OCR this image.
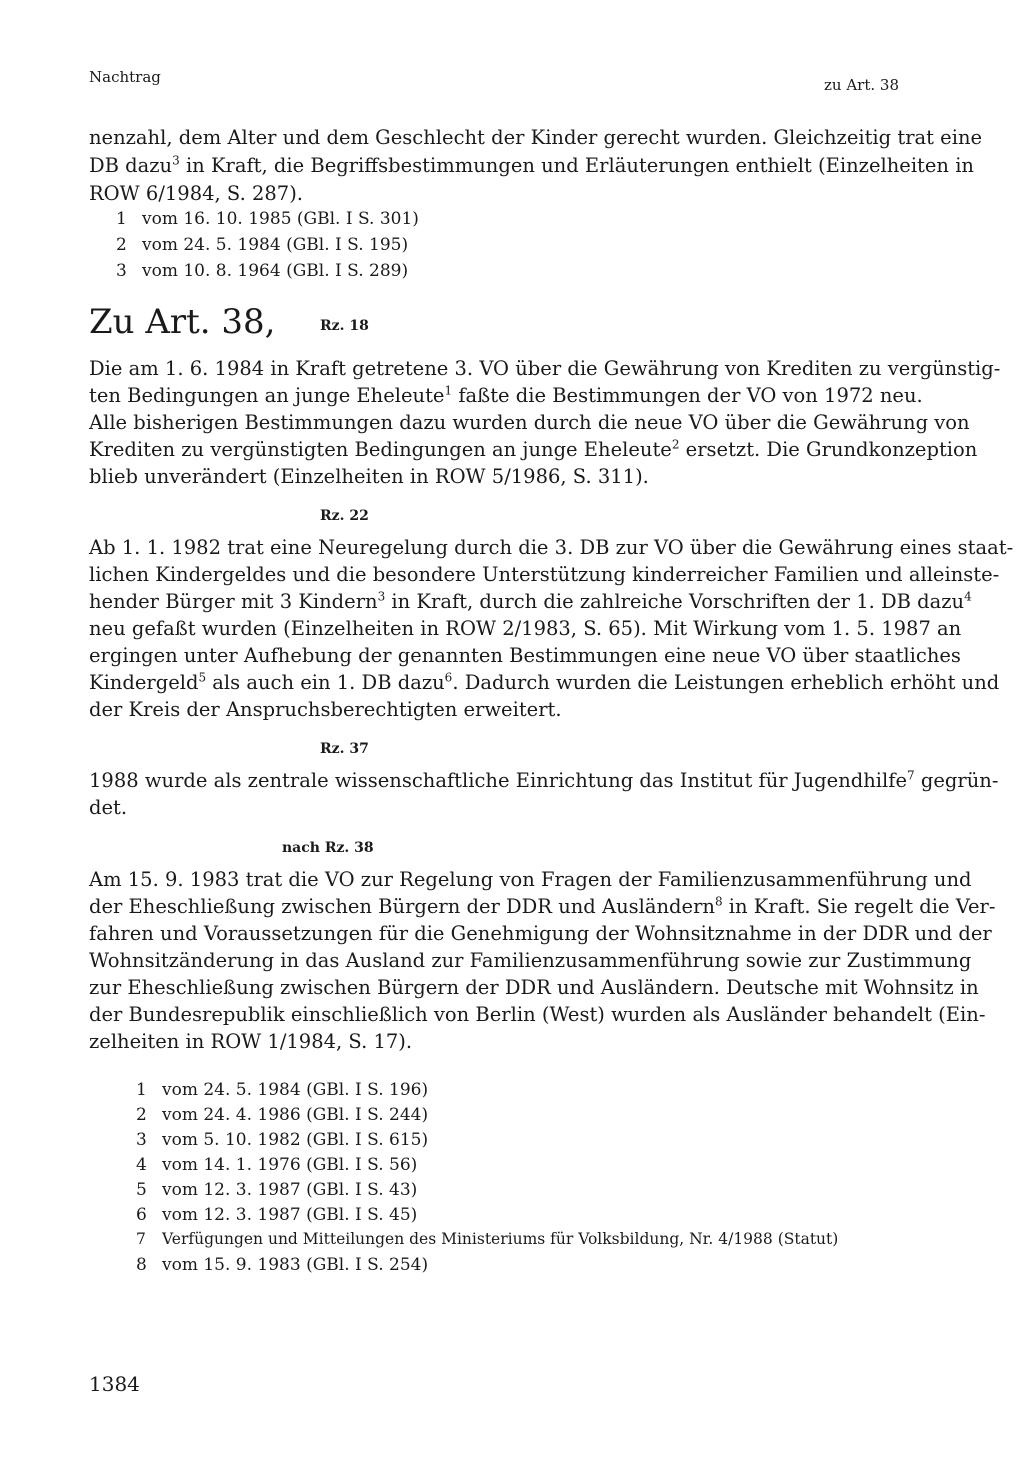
Nachtrag	zu Art. 38
nenzahl, dem Alter und dem Geschlecht der Kinder gerecht wurden. Gleichzeitig trat eine
DB dazu$^3$ in Kraft, die Begriffsbestimmungen und Erläuterungen enthielt (Einzelheiten in
ROW 6/1984, S. 287).
1 vom 16. 10. 1985 (GBl. I S. 301)
2 vom 24. 5. 1984 (GBl. I S. 195)
3 vom 10. 8. 1964 (GBl. I S. 289)
Zu Art. 38,	Rz. 18
Die am 1. 6. 1984 in Kraft getretene 3. VO über die Gewährung von Krediten zu vergünstig-
ten Bedingungen an junge Eheleute$^1$ faßte die Bestimmungen der VO von 1972 neu.
Alle bisherigen Bestimmungen dazu wurden durch die neue VO über die Gewährung von
Krediten zu vergünstigten Bedingungen an junge Eheleute$^2$ ersetzt. Die Grundkonzeption
blieb unverändert (Einzelheiten in ROW 5/1986, S. 311).
Rz. 22
Ab 1. 1. 1982 trat eine Neuregelung durch die 3. DB zur VO über die Gewährung eines staat-
lichen Kindergeldes und die besondere Unterstützung kinderreicher Familien und alleinste-
hender Bürger mit 3 Kindern$^3$ in Kraft, durch die zahlreiche Vorschriften der 1. DB dazu$^4$
neu gefaßt wurden (Einzelheiten in ROW 2/1983, S. 65). Mit Wirkung vom 1. 5. 1987 an
ergingen unter Aufhebung der genannten Bestimmungen eine neue VO über staatliches
Kindergeld$^5$ als auch ein 1. DB dazu$^6$. Dadurch wurden die Leistungen erheblich erhöht und
der Kreis der Anspruchsberechtigten erweitert.
Rz. 37
1988 wurde als zentrale wissenschaftliche Einrichtung das Institut für Jugendhilfe$^7$ gegrün-
det.
nach Rz. 38
Am 15. 9. 1983 trat die VO zur Regelung von Fragen der Familienzusammenführung und
der Eheschließung zwischen Bürgern der DDR und Ausländern$^8$ in Kraft. Sie regelt die Ver-
fahren und Voraussetzungen für die Genehmigung der Wohnsitznahme in der DDR und der
Wohnsitzänderung in das Ausland zur Familienzusammenführung sowie zur Zustimmung
zur Eheschließung zwischen Bürgern der DDR und Ausländern. Deutsche mit Wohnsitz in
der Bundesrepublik einschließlich von Berlin (West) wurden als Ausländer behandelt (Ein-
zelheiten in ROW 1/1984, S. 17).
1 vom 24. 5. 1984 (GBl. I S. 196)
2 vom 24. 4. 1986 (GBl. I S. 244)
3 vom 5. 10. 1982 (GBl. I S. 615)
4 vom 14. 1. 1976 (GBl. I S. 56)
5 vom 12. 3. 1987 (GBl. I S. 43)
6 vom 12. 3. 1987 (GBl. I S. 45)
7 Verfügungen und Mitteilungen des Ministeriums für Volksbildung, Nr. 4/1988 (Statut)
8 vom 15. 9. 1983 (GBl. I S. 254)
1384
